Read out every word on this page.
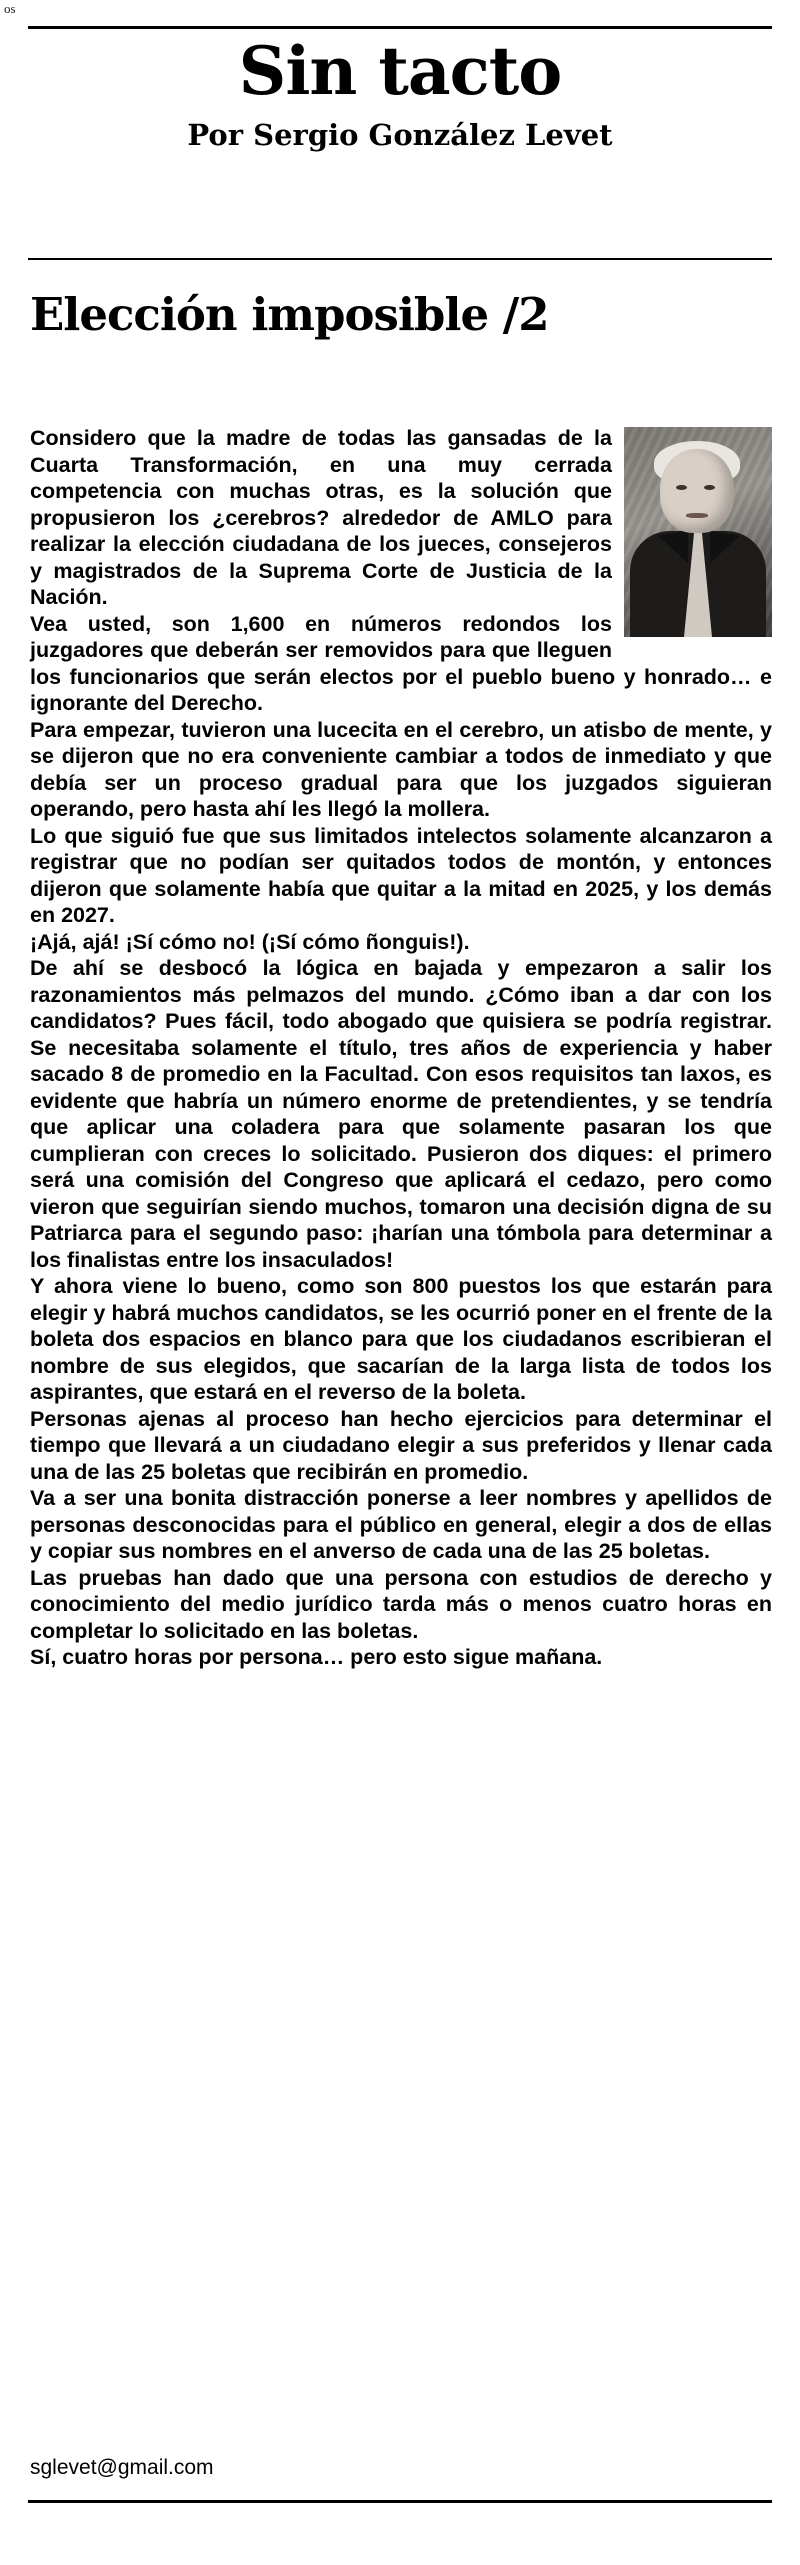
os
Sin tacto
Por Sergio González Levet
Elección imposible /2

Considero que la madre de todas las gansadas de la Cuarta Transformación, en una muy cerrada competencia con muchas otras, es la solución que propusieron los ¿cerebros? alrededor de AMLO para realizar la elección ciudadana de los jueces, consejeros y magistrados de la Suprema Corte de Justicia de la Nación.

Vea usted, son 1,600 en números redondos los juzgadores que deberán ser removidos para que lleguen los funcionarios que serán electos por el pueblo bueno y honrado… e ignorante del Derecho.

Para empezar, tuvieron una lucecita en el cerebro, un atisbo de mente, y se dijeron que no era conveniente cambiar a todos de inmediato y que debía ser un proceso gradual para que los juzgados siguieran operando, pero hasta ahí les llegó la mollera.

Lo que siguió fue que sus limitados intelectos solamente alcanzaron a registrar que no podían ser quitados todos de montón, y entonces dijeron que solamente había que quitar a la mitad en 2025, y los demás en 2027.

¡Ajá, ajá! ¡Sí cómo no! (¡Sí cómo ñonguis!).

De ahí se desbocó la lógica en bajada y empezaron a salir los razonamientos más pelmazos del mundo. ¿Cómo iban a dar con los candidatos? Pues fácil, todo abogado que quisiera se podría registrar. Se necesitaba solamente el título, tres años de experiencia y haber sacado 8 de promedio en la Facultad. Con esos requisitos tan laxos, es evidente que habría un número enorme de pretendientes, y se tendría que aplicar una coladera para que solamente pasaran los que cumplieran con creces lo solicitado. Pusieron dos diques: el primero será una comisión del Congreso que aplicará el cedazo, pero como vieron que seguirían siendo muchos, tomaron una decisión digna de su Patriarca para el segundo paso: ¡harían una tómbola para determinar a los finalistas entre los insaculados!

Y ahora viene lo bueno, como son 800 puestos los que estarán para elegir y habrá muchos candidatos, se les ocurrió poner en el frente de la boleta dos espacios en blanco para que los ciudadanos escribieran el nombre de sus elegidos, que sacarían de la larga lista de todos los aspirantes, que estará en el reverso de la boleta.

Personas ajenas al proceso han hecho ejercicios para determinar el tiempo que llevará a un ciudadano elegir a sus preferidos y llenar cada una de las 25 boletas que recibirán en promedio.

Va a ser una bonita distracción ponerse a leer nombres y apellidos de personas desconocidas para el público en general, elegir a dos de ellas y copiar sus nombres en el anverso de cada una de las 25 boletas.

Las pruebas han dado que una persona con estudios de derecho y conocimiento del medio jurídico tarda más o menos cuatro horas en completar lo solicitado en las boletas.

Sí, cuatro horas por persona… pero esto sigue mañana.

sglevet@gmail.com
